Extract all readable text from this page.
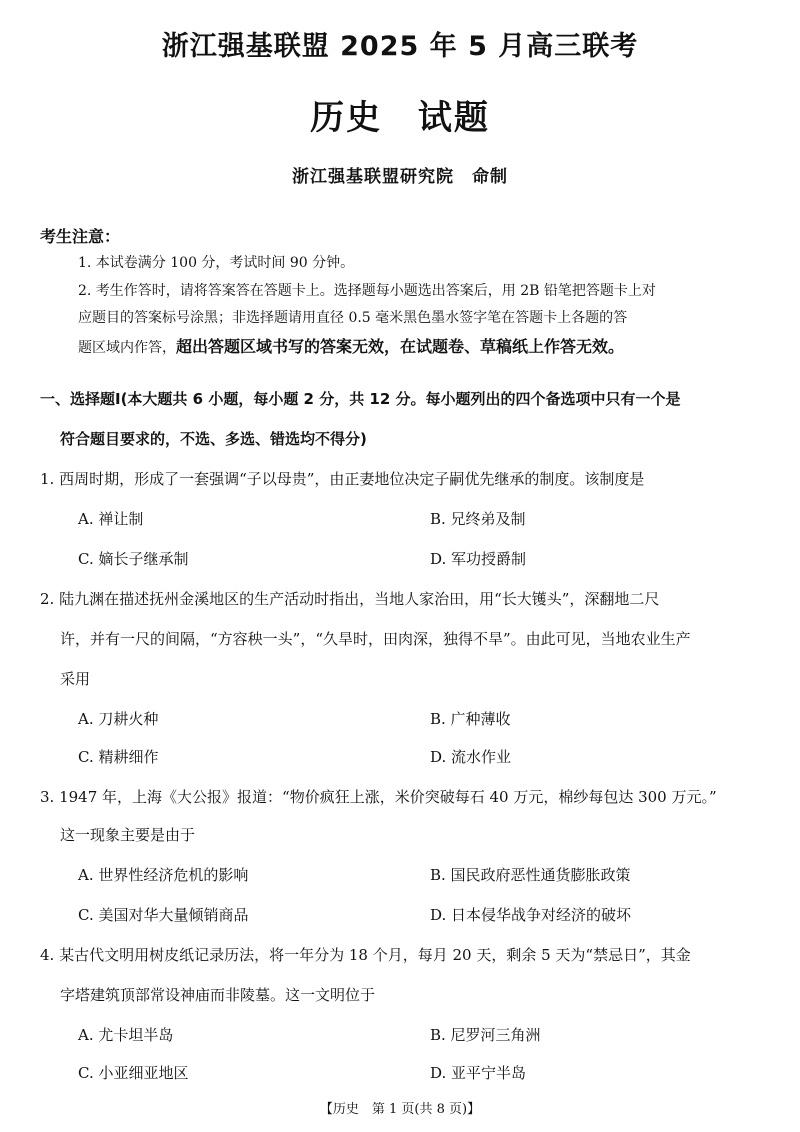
浙江强基联盟 2025 年 5 月高三联考
历史 试题
浙江强基联盟研究院　命制
考生注意：
1. 本试卷满分 100 分，考试时间 90 分钟。
2. 考生作答时，请将答案答在答题卡上。选择题每小题选出答案后，用 2B 铅笔把答题卡上对
应题目的答案标号涂黑；非选择题请用直径 0.5 毫米黑色墨水签字笔在答题卡上各题的答
题区域内作答，超出答题区域书写的答案无效，在试题卷、草稿纸上作答无效。
一、选择题Ⅰ(本大题共 6 小题，每小题 2 分，共 12 分。每小题列出的四个备选项中只有一个是
符合题目要求的，不选、多选、错选均不得分)
1. 西周时期，形成了一套强调“子以母贵”，由正妻地位决定子嗣优先继承的制度。该制度是
A. 禅让制	B. 兄终弟及制
C. 嫡长子继承制	D. 军功授爵制
2. 陆九渊在描述抚州金溪地区的生产活动时指出，当地人家治田，用“长大镬头”，深翻地二尺
许，并有一尺的间隔，“方容秧一头”，“久旱时，田肉深，独得不旱”。由此可见，当地农业生产
采用
A. 刀耕火种	B. 广种薄收
C. 精耕细作	D. 流水作业
3. 1947 年，上海《大公报》报道：“物价疯狂上涨，米价突破每石 40 万元，棉纱每包达 300 万元。”
这一现象主要是由于
A. 世界性经济危机的影响	B. 国民政府恶性通货膨胀政策
C. 美国对华大量倾销商品	D. 日本侵华战争对经济的破坏
4. 某古代文明用树皮纸记录历法，将一年分为 18 个月，每月 20 天，剩余 5 天为“禁忌日”，其金
字塔建筑顶部常设神庙而非陵墓。这一文明位于
A. 尤卡坦半岛	B. 尼罗河三角洲
C. 小亚细亚地区	D. 亚平宁半岛
【历史　第 1 页(共 8 页)】
